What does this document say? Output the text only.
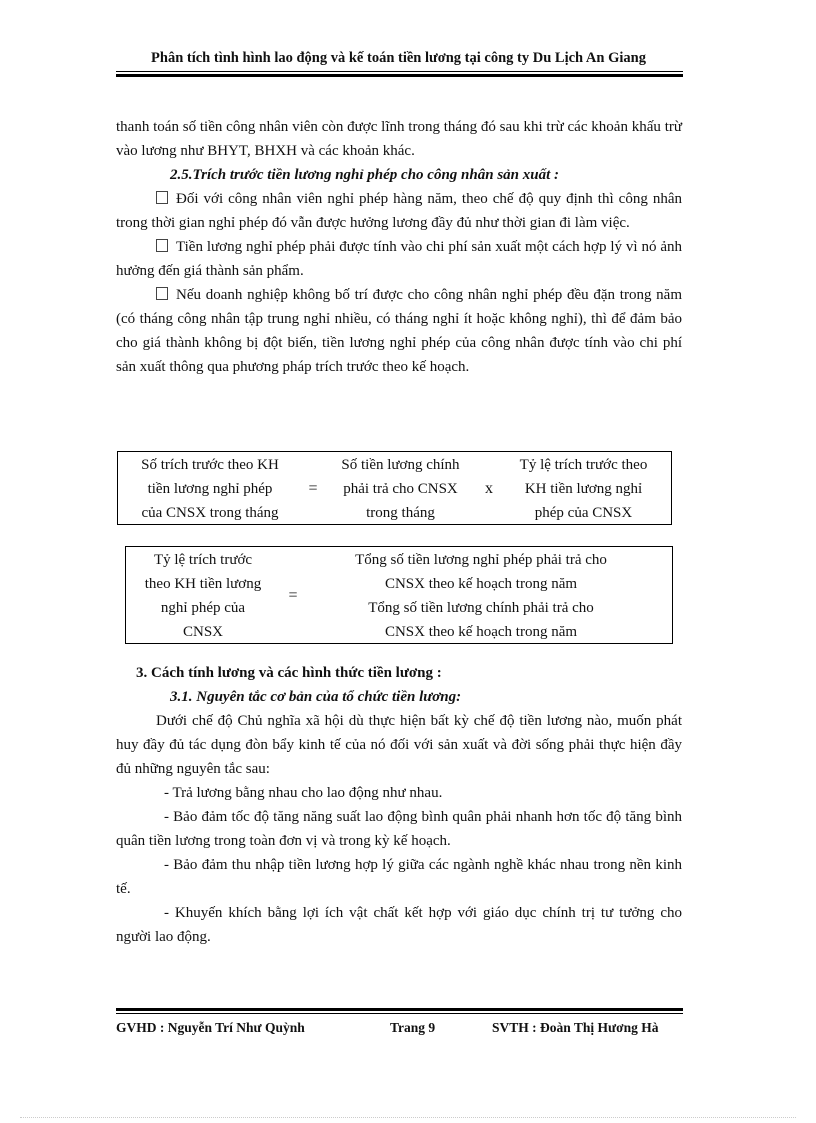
Phân tích tình hình lao động và kế toán tiền lương tại công ty Du Lịch An Giang

thanh toán số tiền công nhân viên còn được lĩnh trong tháng đó sau khi trừ các khoản khấu trừ vào lương như BHYT, BHXH và các khoản khác.

2.5.Trích trước tiền lương nghỉ phép cho công nhân sản xuất :

Đối với công nhân viên nghỉ phép hàng năm, theo chế độ quy định thì công nhân trong thời gian nghỉ phép đó vẫn được hưởng lương đầy đủ như thời gian đi làm việc.

Tiền lương nghỉ phép phải được tính vào chi phí sản xuất một cách hợp lý vì nó ảnh hưởng đến giá thành sản phẩm.

Nếu doanh nghiệp không bố trí được cho công nhân nghỉ phép đều đặn trong năm (có tháng công nhân tập trung nghỉ nhiều, có tháng nghỉ ít hoặc không nghỉ), thì để đảm bảo cho giá thành không bị đột biến, tiền lương nghỉ phép của công nhân được tính vào chi phí sản xuất thông qua phương pháp trích trước theo kế hoạch.

Số trích trước theo KH
tiền lương nghỉ phép
của CNSX trong tháng
=
Số tiền lương chính
phải trả cho CNSX
trong tháng
x
Tỷ lệ trích trước theo
KH tiền lương nghỉ
phép của CNSX
Tỷ lệ trích trước
theo KH tiền lương
nghỉ phép của
CNSX
=
Tổng số tiền lương nghỉ phép phải trả cho
CNSX theo kế hoạch trong năm
Tổng số tiền lương chính phải trả cho
CNSX theo kế hoạch trong năm

3. Cách tính lương và các hình thức tiền lương :

3.1. Nguyên tắc cơ bản của tổ chức tiền lương:

Dưới chế độ Chủ nghĩa xã hội dù thực hiện bất kỳ chế độ tiền lương nào, muốn phát huy đầy đủ tác dụng đòn bẩy kinh tế của nó đối với sản xuất và đời sống phải thực hiện đầy đủ những nguyên tắc sau:

- Trả lương bằng nhau cho lao động như nhau.

- Bảo đảm tốc độ tăng năng suất lao động bình quân phải nhanh hơn tốc độ tăng bình quân tiền lương trong toàn đơn vị và trong kỳ kế hoạch.

- Bảo đảm thu nhập tiền lương hợp lý giữa các ngành nghề khác nhau trong nền kinh tế.

- Khuyến khích bằng lợi ích vật chất kết hợp với giáo dục chính trị tư tưởng cho người lao động.

GVHD : Nguyễn Trí Như Quỳnh	Trang 9	SVTH : Đoàn Thị Hương Hà
